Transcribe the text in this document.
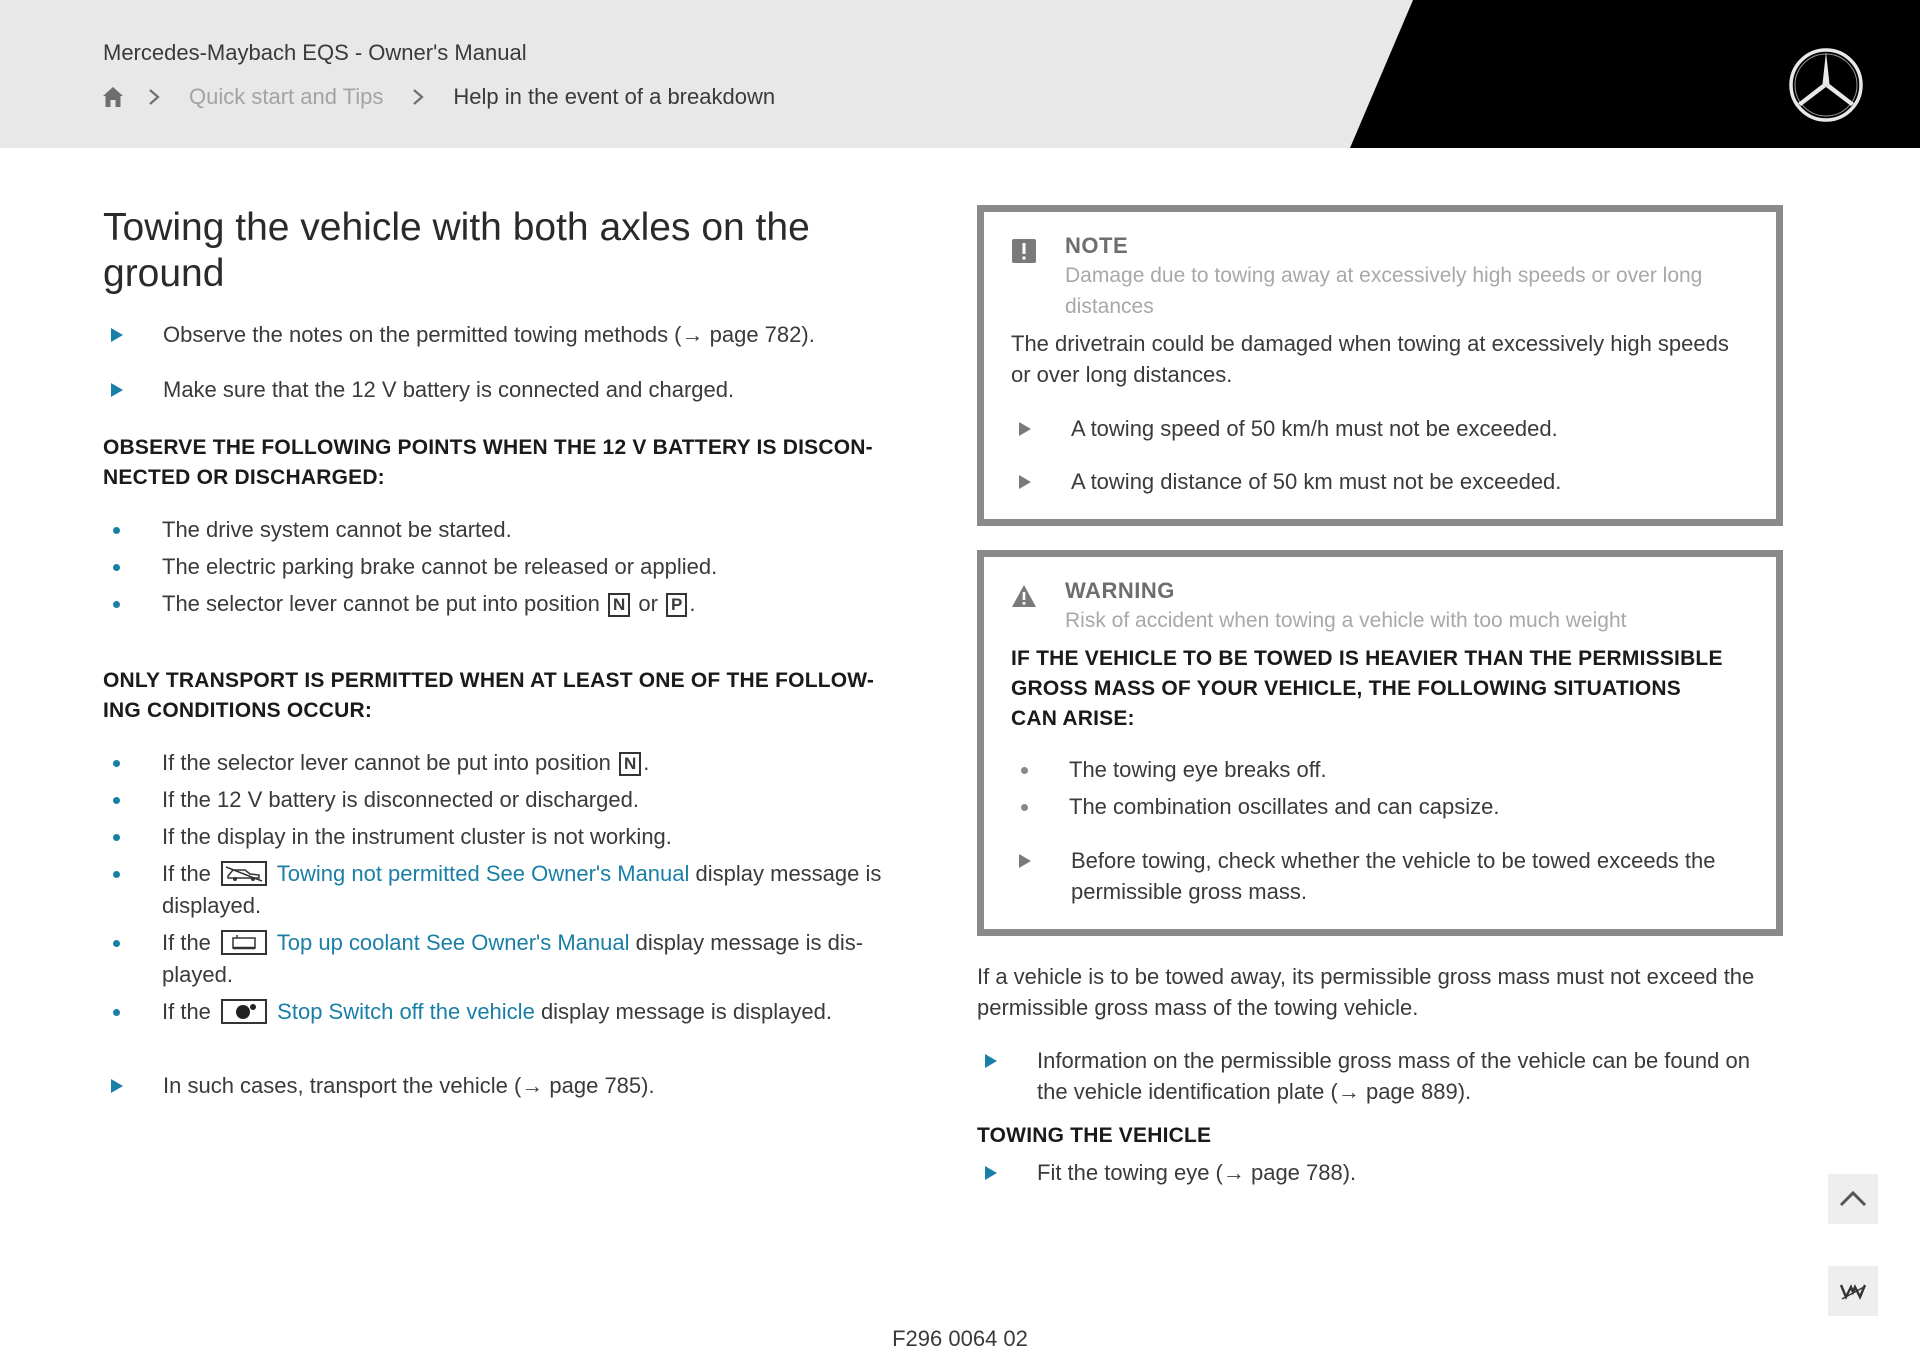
Mercedes-Maybach EQS - Owner's Manual
Quick start and Tips	Help in the event of a breakdown
Towing the vehicle with both axles on the ground
Observe the notes on the permitted towing methods (→ page 782).
Make sure that the 12 V battery is connected and charged.
OBSERVE THE FOLLOWING POINTS WHEN THE 12 V BATTERY IS DISCON-
NECTED OR DISCHARGED:
The drive system cannot be started.
The electric parking brake cannot be released or applied.
The selector lever cannot be put into position N or P .
ONLY TRANSPORT IS PERMITTED WHEN AT LEAST ONE OF THE FOLLOW-
ING CONDITIONS OCCUR:
If the selector lever cannot be put into position N .
If the 12 V battery is disconnected or discharged.
If the display in the instrument cluster is not working.
If the	Towing not permitted See Owner's Manual display message is
displayed.
If the	Top up coolant See Owner's Manual display message is dis-
played.
If the	Stop Switch off the vehicle display message is displayed.
In such cases, transport the vehicle (→ page 785).
NOTE
Damage due to towing away at excessively high speeds or over long distances
The drivetrain could be damaged when towing at excessively high speeds or over long distances.
A towing speed of 50 km/h must not be exceeded.
A towing distance of 50 km must not be exceeded.
WARNING
Risk of accident when towing a vehicle with too much weight
IF THE VEHICLE TO BE TOWED IS HEAVIER THAN THE PERMISSIBLE
GROSS MASS OF YOUR VEHICLE, THE FOLLOWING SITUATIONS
CAN ARISE:
The towing eye breaks off.
The combination oscillates and can capsize.
Before towing, check whether the vehicle to be towed exceeds the permissible gross mass.
If a vehicle is to be towed away, its permissible gross mass must not exceed the permissible gross mass of the towing vehicle.
Information on the permissible gross mass of the vehicle can be found on the vehicle identification plate (→ page 889).
TOWING THE VEHICLE
Fit the towing eye (→ page 788).
F296 0064 02
